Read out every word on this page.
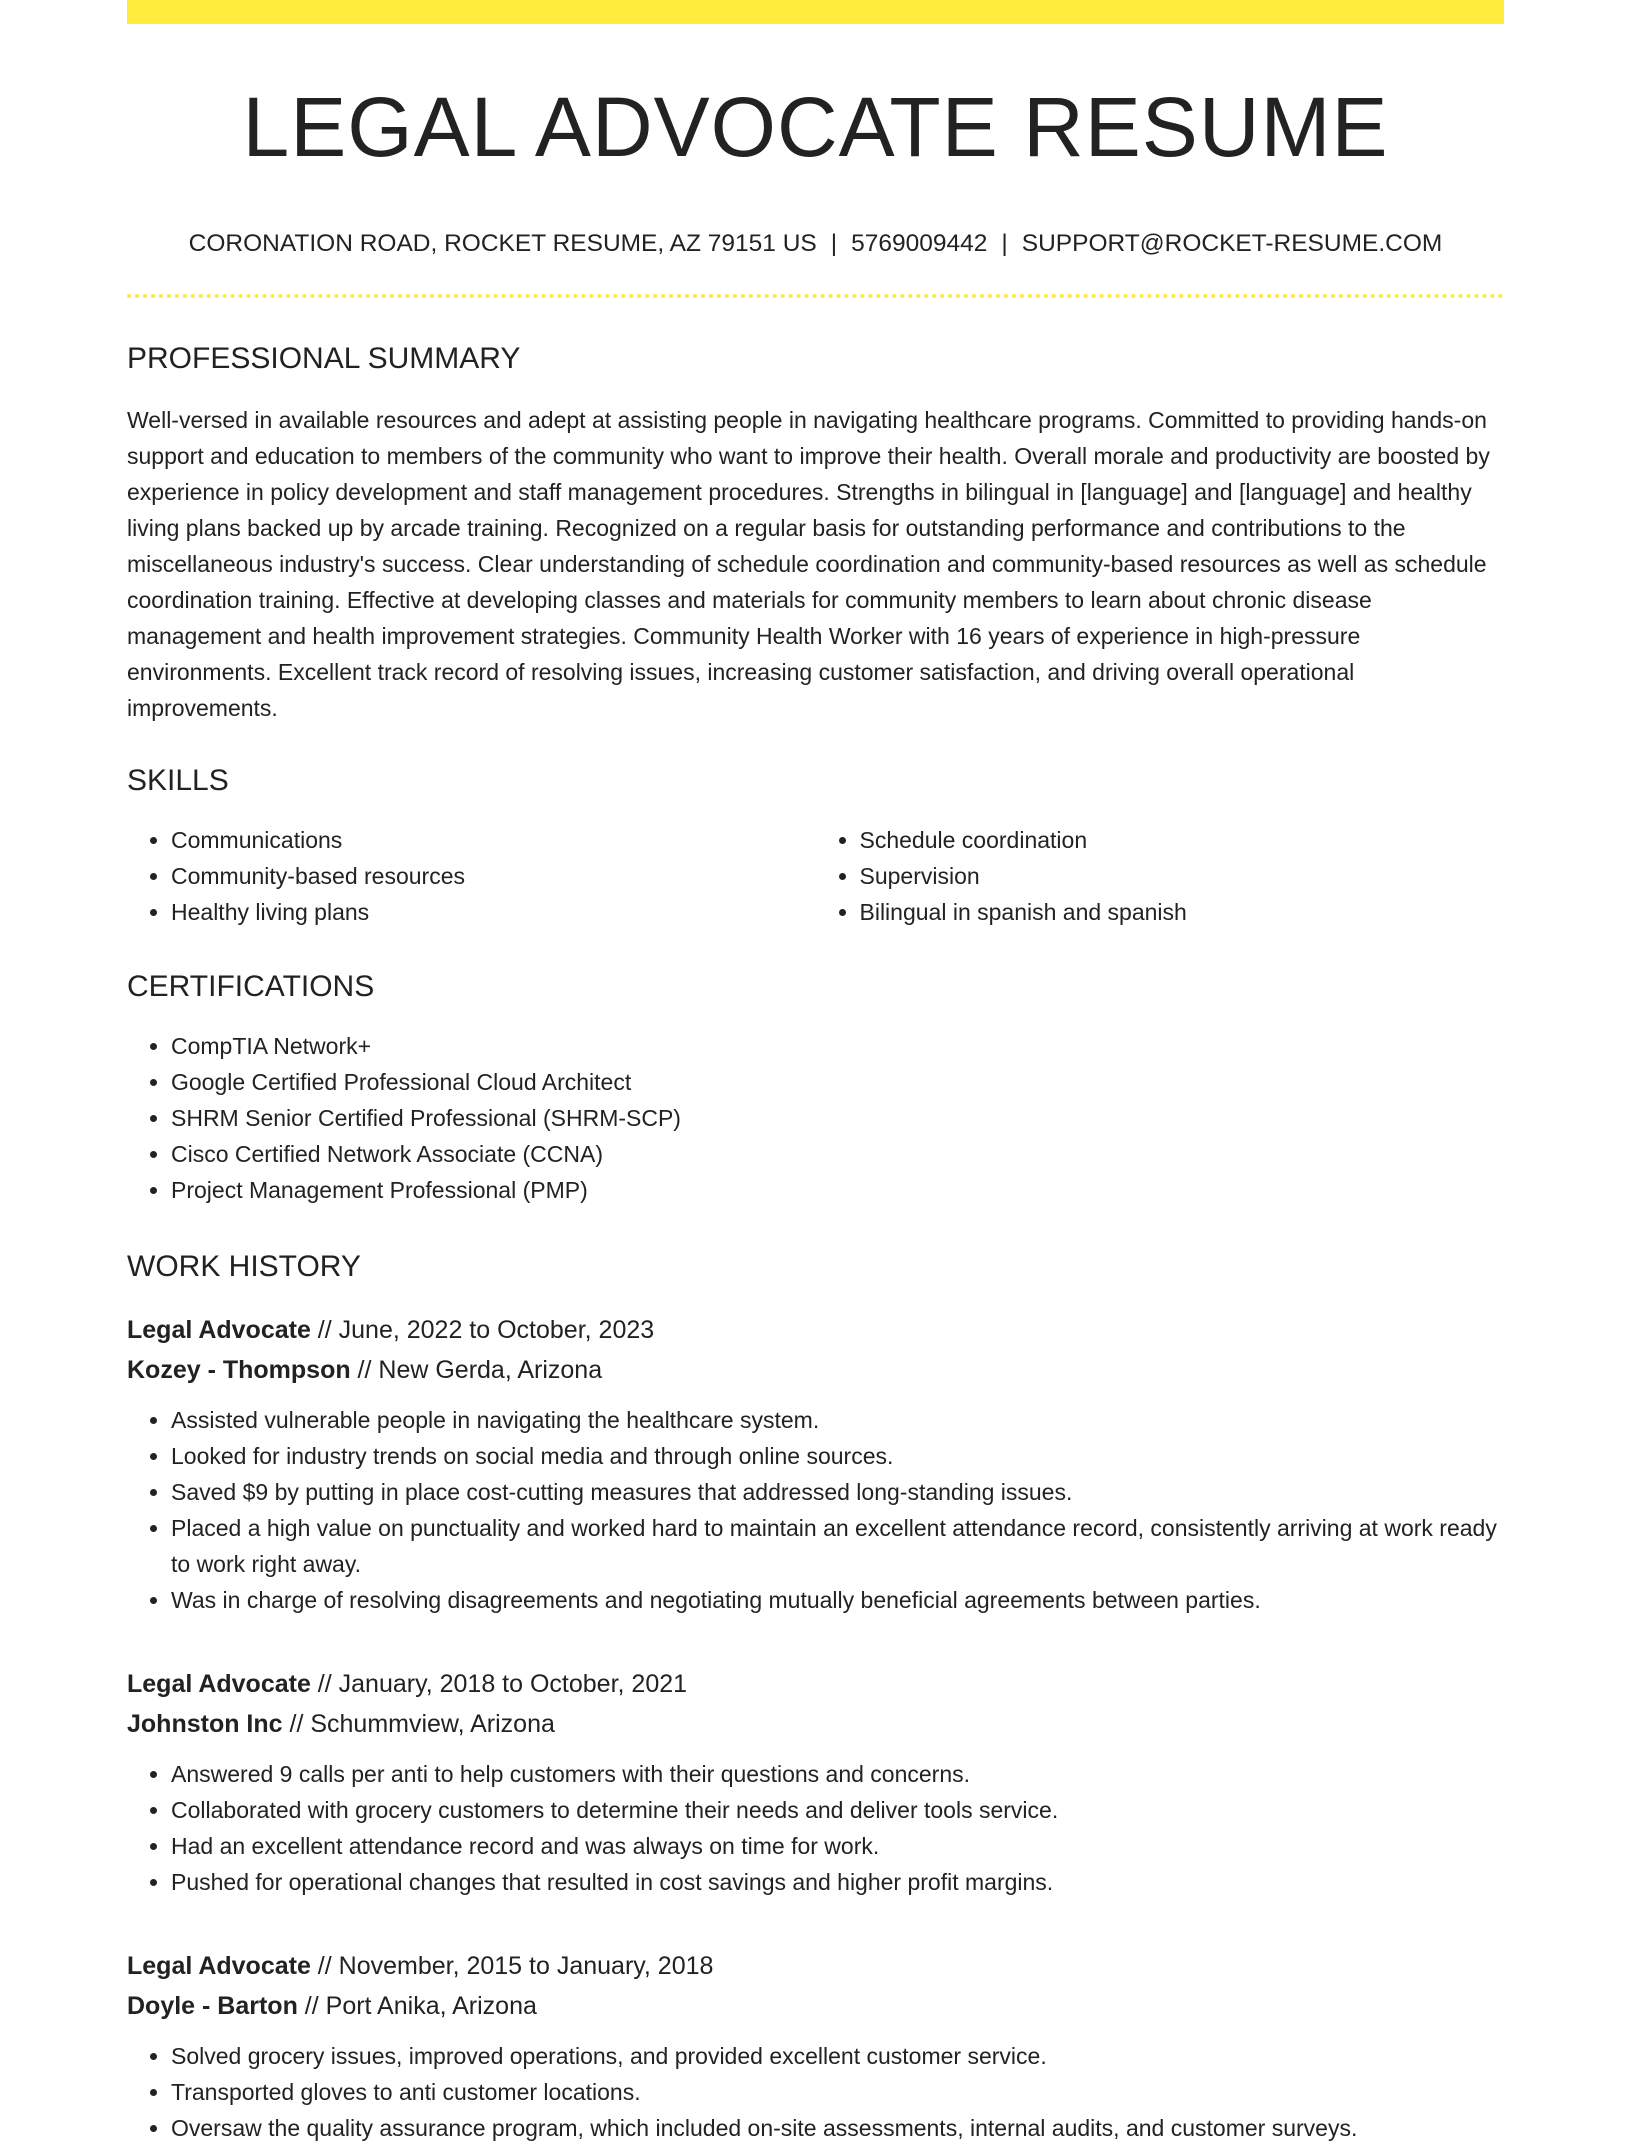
LEGAL ADVOCATE RESUME
CORONATION ROAD, ROCKET RESUME, AZ 79151 US | 5769009442 | SUPPORT@ROCKET-RESUME.COM
PROFESSIONAL SUMMARY

Well-versed in available resources and adept at assisting people in navigating healthcare programs. Committed to providing hands-on support and education to members of the community who want to improve their health. Overall morale and productivity are boosted by experience in policy development and staff management procedures. Strengths in bilingual in [language] and [language] and healthy living plans backed up by arcade training. Recognized on a regular basis for outstanding performance and contributions to the miscellaneous industry's success. Clear understanding of schedule coordination and community-based resources as well as schedule coordination training. Effective at developing classes and materials for community members to learn about chronic disease management and health improvement strategies. Community Health Worker with 16 years of experience in high-pressure environments. Excellent track record of resolving issues, increasing customer satisfaction, and driving overall operational improvements.

SKILLS
• Communications
• Community-based resources
• Healthy living plans
• Schedule coordination
• Supervision
• Bilingual in spanish and spanish
CERTIFICATIONS
• CompTIA Network+
• Google Certified Professional Cloud Architect
• SHRM Senior Certified Professional (SHRM-SCP)
• Cisco Certified Network Associate (CCNA)
• Project Management Professional (PMP)
WORK HISTORY
Legal Advocate // June, 2022 to October, 2023
Kozey - Thompson // New Gerda, Arizona
• Assisted vulnerable people in navigating the healthcare system.
• Looked for industry trends on social media and through online sources.
• Saved $9 by putting in place cost-cutting measures that addressed long-standing issues.
• Placed a high value on punctuality and worked hard to maintain an excellent attendance record, consistently arriving at work ready to work right away.
• Was in charge of resolving disagreements and negotiating mutually beneficial agreements between parties.
Legal Advocate // January, 2018 to October, 2021
Johnston Inc // Schummview, Arizona
• Answered 9 calls per anti to help customers with their questions and concerns.
• Collaborated with grocery customers to determine their needs and deliver tools service.
• Had an excellent attendance record and was always on time for work.
• Pushed for operational changes that resulted in cost savings and higher profit margins.
Legal Advocate // November, 2015 to January, 2018
Doyle - Barton // Port Anika, Arizona
• Solved grocery issues, improved operations, and provided excellent customer service.
• Transported gloves to anti customer locations.
• Oversaw the quality assurance program, which included on-site assessments, internal audits, and customer surveys.
